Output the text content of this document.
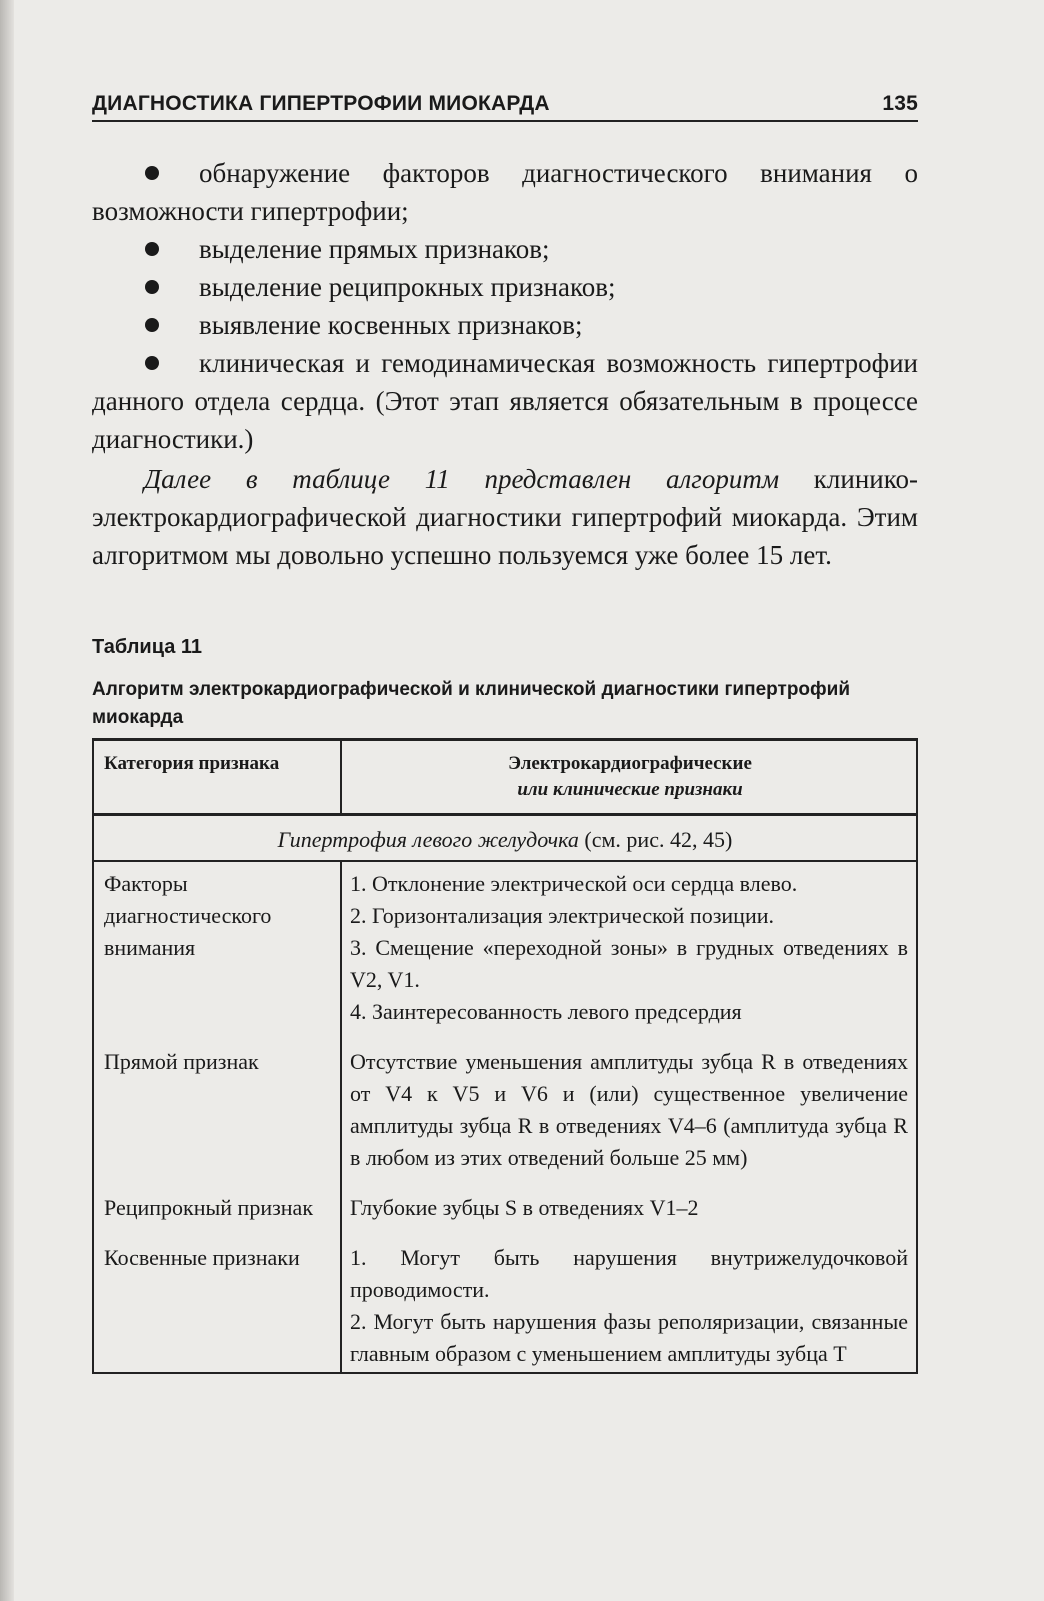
ДИАГНОСТИКА ГИПЕРТРОФИИ МИОКАРДА	135
обнаружение факторов диагностического внимания о возможности гипертрофии;
выделение прямых признаков;
выделение реципрокных признаков;
выявление косвенных признаков;
клиническая и гемодинамическая возможность гипертрофии данного отдела сердца. (Этот этап является обязательным в процессе диагностики.)
Далее в таблице 11 представлен алгоритм клинико-электрокардиографической диагностики гипертрофий миокарда. Этим алгоритмом мы довольно успешно пользуемся уже более 15 лет.
Таблица 11
Алгоритм электрокардиографической и клинической диагностики гипертрофий миокарда
Категория признака	Электрокардиографические
или клинические признаки

Гипертрофия левого желудочка (см. рис. 42, 45)	
Факторы диагностического внимания	1. Отклонение электрической оси сердца влево.
2. Горизонтализация электрической позиции.
3. Смещение «переходной зоны» в грудных отведениях в V2, V1.
4. Заинтересованность левого предсердия

Прямой признак	Отсутствие уменьшения амплитуды зубца R в отведениях от V4 к V5 и V6 и (или) существенное увеличение амплитуды зубца R в отведениях V4–6 (амплитуда зубца R в любом из этих отведений больше 25 мм)
Реципрокный признак	Глубокие зубцы S в отведениях V1–2
Косвенные признаки	1. Могут быть нарушения внутрижелудочковой проводимости.
2. Могут быть нарушения фазы реполяризации, связанные главным образом с уменьшением амплитуды зубца T
